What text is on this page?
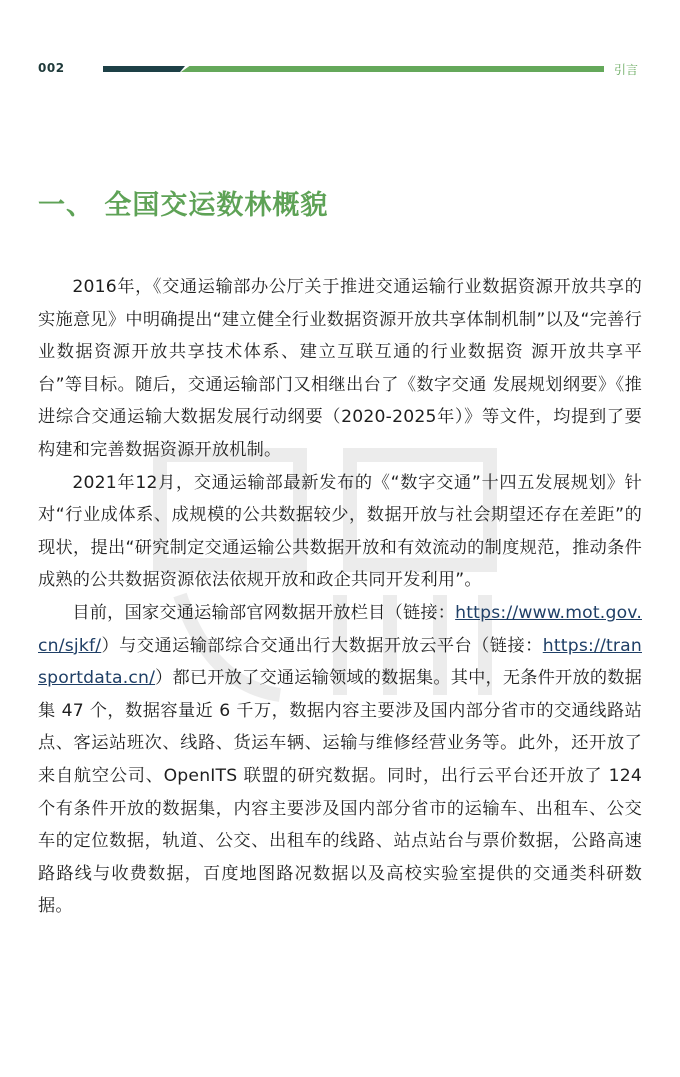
002	引言
一、 全国交运数林概貌

2016年，《交通运输部办公厅关于推进交通运输行业数据资源开放共享的实施意见》中明确提出“建立健全行业数据资源开放共享体制机制”以及“完善行业数据资源开放共享技术体系、建立互联互通的行业数据资 源开放共享平台”等目标。随后，交通运输部门又相继出台了《数字交通 发展规划纲要》《推进综合交通运输大数据发展行动纲要（2020-2025年）》等文件，均提到了要构建和完善数据资源开放机制。

2021年12月，交通运输部最新发布的《“数字交通”十四五发展规划》针对“行业成体系、成规模的公共数据较少，数据开放与社会期望还存在差距”的现状，提出“研究制定交通运输公共数据开放和有效流动的制度规范，推动条件成熟的公共数据资源依法依规开放和政企共同开发利用”。

目前，国家交通运输部官网数据开放栏目（链接：https://www.mot.gov.cn/sjkf/）与交通运输部综合交通出行大数据开放云平台（链接：https://transportdata.cn/）都已开放了交通运输领域的数据集。其中，无条件开放的数据集 47 个，数据容量近 6 千万，数据内容主要涉及国内部分省市的交通线路站点、客运站班次、线路、货运车辆、运输与维修经营业务等。此外，还开放了来自航空公司、OpenITS 联盟的研究数据。同时，出行云平台还开放了 124 个有条件开放的数据集，内容主要涉及国内部分省市的运输车、出租车、公交车的定位数据，轨道、公交、出租车的线路、站点站台与票价数据，公路高速路路线与收费数据，百度地图路况数据以及高校实验室提供的交通类科研数据。
